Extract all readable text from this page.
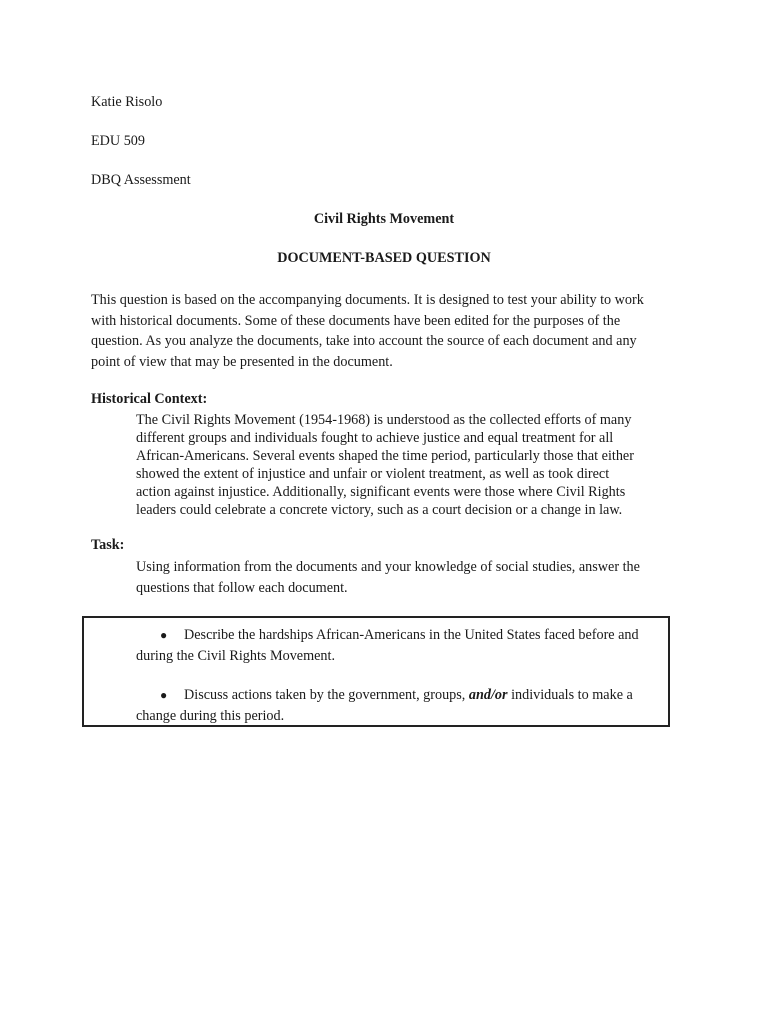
Katie Risolo
EDU 509
DBQ Assessment
Civil Rights Movement
DOCUMENT-BASED QUESTION
This question is based on the accompanying documents. It is designed to test your ability to work
with historical documents. Some of these documents have been edited for the purposes of the
question. As you analyze the documents, take into account the source of each document and any
point of view that may be presented in the document.
Historical Context:
The Civil Rights Movement (1954-1968) is understood as the collected efforts of many
different groups and individuals fought to achieve justice and equal treatment for all
African-Americans. Several events shaped the time period, particularly those that either
showed the extent of injustice and unfair or violent treatment, as well as took direct
action against injustice. Additionally, significant events were those where Civil Rights
leaders could celebrate a concrete victory, such as a court decision or a change in law.
Task:
Using information from the documents and your knowledge of social studies, answer the
questions that follow each document.
● Describe the hardships African-Americans in the United States faced before and
during the Civil Rights Movement.
● Discuss actions taken by the government, groups, and/or individuals to make a
change during this period.
